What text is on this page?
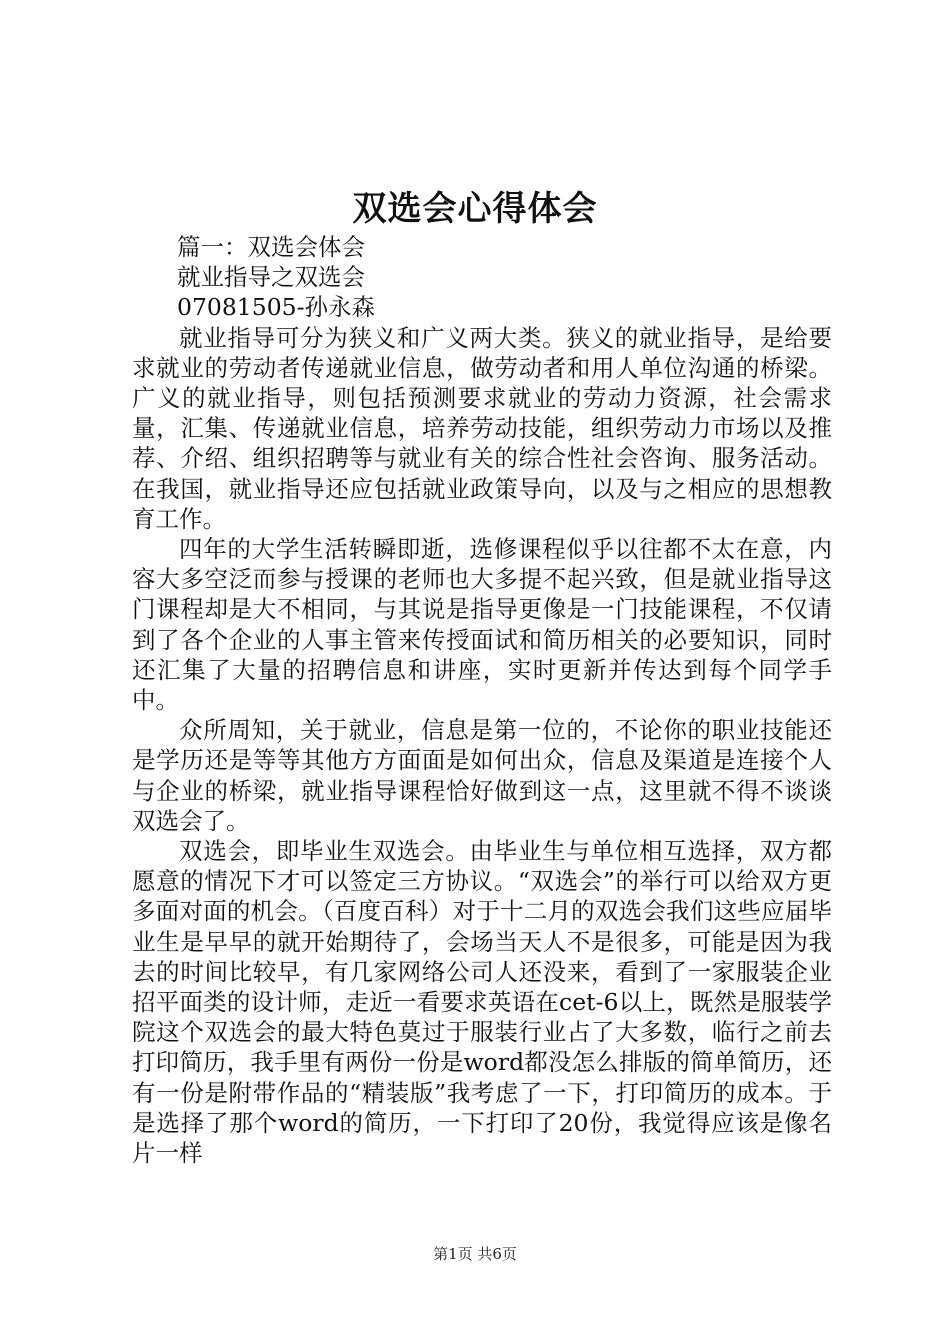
双选会心得体会

篇一：双选会体会

就业指导之双选会

07081505-孙永森

就业指导可分为狭义和广义两大类。狭义的就业指导，是给要求就业的劳动者传递就业信息，做劳动者和用人单位沟通的桥梁。广义的就业指导，则包括预测要求就业的劳动力资源，社会需求量，汇集、传递就业信息，培养劳动技能，组织劳动力市场以及推荐、介绍、组织招聘等与就业有关的综合性社会咨询、服务活动。在我国，就业指导还应包括就业政策导向，以及与之相应的思想教育工作。

四年的大学生活转瞬即逝，选修课程似乎以往都不太在意，内容大多空泛而参与授课的老师也大多提不起兴致，但是就业指导这门课程却是大不相同，与其说是指导更像是一门技能课程，不仅请到了各个企业的人事主管来传授面试和简历相关的必要知识，同时还汇集了大量的招聘信息和讲座，实时更新并传达到每个同学手中。

众所周知，关于就业，信息是第一位的，不论你的职业技能还是学历还是等等其他方方面面是如何出众，信息及渠道是连接个人与企业的桥梁，就业指导课程恰好做到这一点，这里就不得不谈谈双选会了。

双选会，即毕业生双选会。由毕业生与单位相互选择，双方都愿意的情况下才可以签定三方协议。“双选会”的举行可以给双方更多面对面的机会。（百度百科）对于十二月的双选会我们这些应届毕业生是早早的就开始期待了，会场当天人不是很多，可能是因为我去的时间比较早，有几家网络公司人还没来，看到了一家服装企业招平面类的设计师，走近一看要求英语在cet-6以上，既然是服装学院这个双选会的最大特色莫过于服装行业占了大多数，临行之前去打印简历，我手里有两份一份是word都没怎么排版的简单简历，还有一份是附带作品的“精装版”我考虑了一下，打印简历的成本。于是选择了那个word的简历，一下打印了20份，我觉得应该是像名片一样

第1页 共6页
